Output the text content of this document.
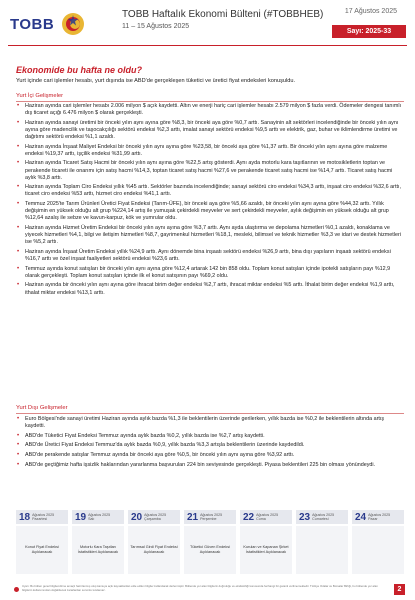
TOBB
TOBB Haftalık Ekonomi Bülteni (#TOBBHEB)
11 – 15 Ağustos 2025
17 Ağustos 2025
Sayı: 2025-33
Ekonomide bu hafta ne oldu?
Yurt içinde cari işlemler hesabı, yurt dışında ise ABD'de gerçekleşen tüketici ve üretici fiyat endeksleri konuşuldu.
Yurt İçi Gelişmeler
• Haziran ayında cari işlemler hesabı 2.006 milyon $ açık kaydetti. Altın ve enerji hariç cari işlemler hesabı 2.579 milyon $ fazla verdi. Ödemeler dengesi tanımlı dış ticaret açığı 6.476 milyon $ olarak gerçekleşti.
• Haziran ayında sanayi üretimi bir önceki yılın aynı ayına göre %8,3, bir önceki aya göre %0,7 arttı. Sanayinin alt sektörleri incelendiğinde bir önceki yılın aynı ayına göre madencilik ve taşocakçılığı sektörü endeksi %2,3 arttı, imalat sanayi sektörü endeksi %9,5 arttı ve elektrik, gaz, buhar ve iklimlendirme üretimi ve dağıtımı sektörü endeksi %1,1 azaldı.
• Haziran ayında İnşaat Maliyet Endeksi bir önceki yılın aynı ayına göre %23,58, bir önceki aya göre %1,37 arttı. Bir önceki yılın aynı ayına göre malzeme endeksi %19,37 arttı, işçilik endeksi %31,99 arttı.
• Haziran ayında Ticaret Satış Hacmi bir önceki yılın aynı ayına göre %22,5 artış gösterdi. Aynı ayda motorlu kara taşıtlarının ve motosikletlerin toptan ve perakende ticareti ile onarımı için satış hacmi %14,3, toptan ticaret satış hacmi %27,6 ve perakende ticaret satış hacmi ise %14,7 arttı. Ticaret satış hacmi aylık %3,8 arttı.
• Haziran ayında Toplam Ciro Endeksi yıllık %45 arttı. Sektörler bazında incelendiğinde; sanayi sektörü ciro endeksi %34,3 arttı, inşaat ciro endeksi %32,6 arttı, ticaret ciro endeksi %53 arttı, hizmet ciro endeksi %41,1 arttı.
• Temmuz 2025'te Tarım Ürünleri Üretici Fiyat Endeksi (Tarım-ÜFE), bir önceki aya göre %5,66 azaldı, bir önceki yılın aynı ayına göre %44,32 arttı. Yıllık değişimin en yüksek olduğu alt grup %224,14 artış ile yumuşak çekirdekli meyveler ve sert çekirdekli meyveler, aylık değişimin en yüksek olduğu alt grup %12,64 azalış ile sebze ve kavun-karpuz, kök ve yumrular oldu.
• Haziran ayında Hizmet Üretim Endeksi bir önceki yılın aynı ayına göre %3,7 arttı. Aynı ayda ulaştırma ve depolama hizmetleri %0,1 azaldı, konaklama ve yiyecek hizmetleri %4,1, bilgi ve iletişim hizmetleri %8,7, gayrimenkul hizmetleri %18,1, mesleki, bilimsel ve teknik hizmetler %3,3 ve idari ve destek hizmetleri ise %5,2 arttı.
• Haziran ayında İnşaat Üretim Endeksi yıllık %24,9 arttı. Aynı dönemde bina inşaatı sektörü endeksi %26,9 arttı, bina dışı yapıların inşaatı sektörü endeksi %16,7 arttı ve özel inşaat faaliyetleri sektörü endeksi %23,6 arttı.
• Temmuz ayında konut satışları bir önceki yılın aynı ayına göre %12,4 artarak 142 bin 858 oldu. Toplam konut satışları içinde ipotekli satışların payı %12,9 olarak gerçekleşti. Toplam konut satışları içinde ilk el konut satışının payı %69,2 oldu.
• Haziran ayında bir önceki yılın aynı ayına göre ihracat birim değer endeksi %2,7 arttı, ihracat miktar endeksi %5 arttı. İthalat birim değer endeksi %1,9 arttı, ithalat miktar endeksi %13,1 arttı.
Yurt Dışı Gelişmeler
• Euro Bölgesi'nde sanayi üretimi Haziran ayında aylık bazda %1,3 ile beklentilerin üzerinde gerilerken, yıllık bazda ise %0,2 ile beklentilerin altında artış kaydetti.
• ABD'de Tüketici Fiyat Endeksi Temmuz ayında aylık bazda %0,2, yıllık bazda ise %2,7 artış kaydetti.
• ABD'de Üretici Fiyat Endeksi Temmuz'da aylık bazda %0,9, yıllık bazda %3,3 artışla beklentilerin üzerinde kaydedildi.
• ABD'de perakende satışlar Temmuz ayında bir önceki aya göre %0,5, bir önceki yılın aynı ayına göre %3,92 arttı.
• ABD'de geçtiğimiz hafta işsizlik haklarından yararlanma başvuruları 224 bin seviyesinde gerçekleşti. Piyasa beklentileri 225 bin olması yönündeydi.
18 Ağustos 2025
Pazartesi
Konut Fiyat Endeksi Açıklanacak
19 Ağustos 2025
Salı
Motorlu Kara Taşıtları İstatistikleri Açıklanacak
20 Ağustos 2025
Çarşamba
Tarımsal Girdi Fiyat Endeksi Açıklanacak
21 Ağustos 2025
Perşembe
Tüketici Güven Endeksi Açıklanacak
22 Ağustos 2025
Cuma
Kurulan ve Kapanan Şirket İstatistikleri Açıklanacak
23 Ağustos 2025
Cumartesi	24 Ağustos 2025
Pazar
Uyarı: Bu bülten genel bilgilendirme amaçlı hazırlanmış olup kamuya açık kaynaklardan elde edilen bilgiler kullanılarak derlenmiştir. Bültende yer alan bilgilerin doğruluğu ve eksiksizliği konusunda herhangi bir garanti verilmemektedir. Türkiye Odalar ve Borsalar Birliği, bu bültende yer alan bilgilerin kullanımından doğabilecek zararlardan sorumlu tutulamaz.	2
